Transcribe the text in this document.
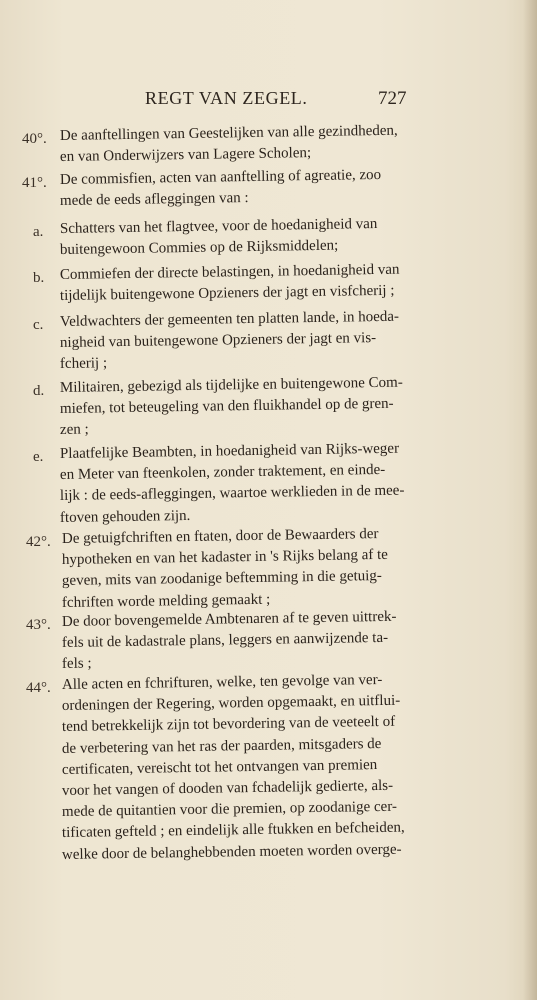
REGT VAN ZEGEL.	727
40°. De aanftellingen van Geestelijken van alle gezindheden,
en van Onderwijzers van Lagere Scholen;
41°. De commisfien, acten van aanftelling of agreatie, zoo
mede de eeds afleggingen van :
a. Schatters van het flagtvee, voor de hoedanigheid van
buitengewoon Commies op de Rijksmiddelen;
b. Commiefen der directe belastingen, in hoedanigheid van
tijdelijk buitengewone Opzieners der jagt en visfcherij ;
c. Veldwachters der gemeenten ten platten lande, in hoeda-
nigheid van buitengewone Opzieners der jagt en vis-
fcherij ;
d. Militairen, gebezigd als tijdelijke en buitengewone Com-
miefen, tot beteugeling van den fluikhandel op de gren-
zen ;
e. Plaatfelijke Beambten, in hoedanigheid van Rijks-weger
en Meter van fteenkolen, zonder traktement, en einde-
lijk : de eeds-afleggingen, waartoe werklieden in de mee-
ftoven gehouden zijn.
42°. De getuigfchriften en ftaten, door de Bewaarders der
hypotheken en van het kadaster in 's Rijks belang af te
geven, mits van zoodanige beftemming in die getuig-
fchriften worde melding gemaakt ;
43°. De door bovengemelde Ambtenaren af te geven uittrek-
fels uit de kadastrale plans, leggers en aanwijzende ta-
fels ;
44°. Alle acten en fchrifturen, welke, ten gevolge van ver-
ordeningen der Regering, worden opgemaakt, en uitflui-
tend betrekkelijk zijn tot bevordering van de veeteelt of
de verbetering van het ras der paarden, mitsgaders de
certificaten, vereischt tot het ontvangen van premien
voor het vangen of dooden van fchadelijk gedierte, als-
mede de quitantien voor die premien, op zoodanige cer-
tificaten gefteld ; en eindelijk alle ftukken en befcheiden,
welke door de belanghebbenden moeten worden overge-
